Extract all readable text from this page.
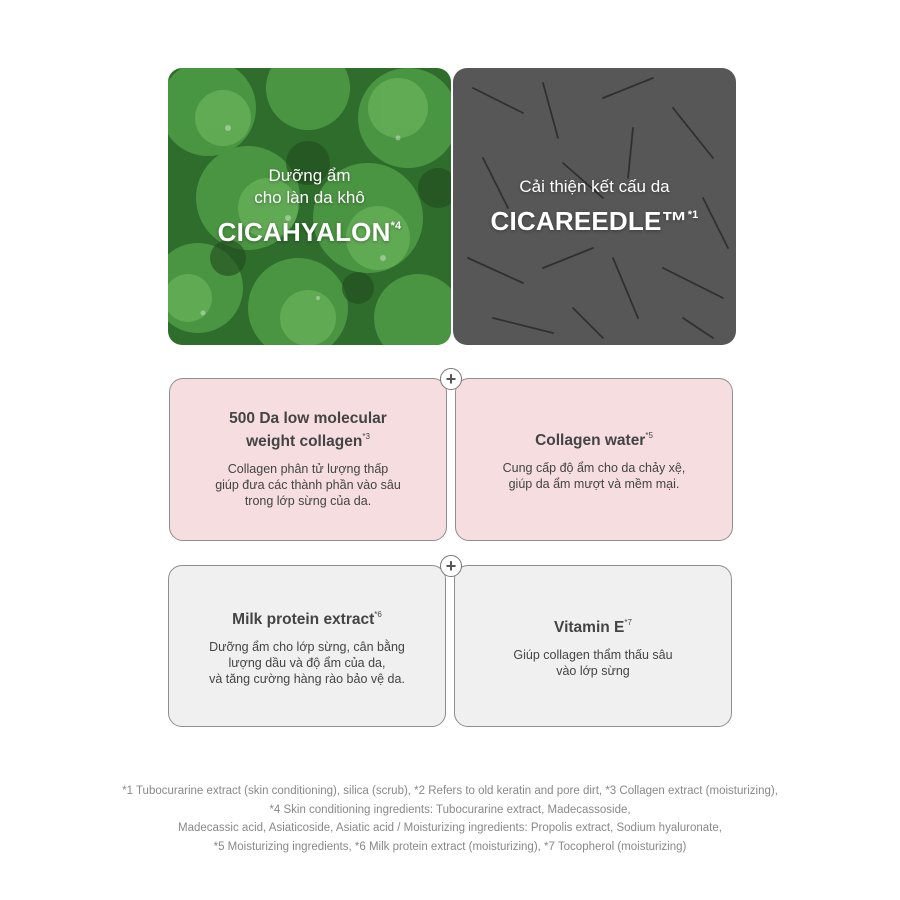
Dưỡng ẩm
cho làn da khô
CICAHYALON$^{*4}$
Cải thiện kết cấu da
CICAREEDLE™$^{*1}$
500 Da low molecular
weight collagen$^{*3}$
Collagen phân tử lượng thấp
giúp đưa các thành phần vào sâu
trong lớp sừng của da.
Collagen water$^{*5}$
Cung cấp độ ẩm cho da chảy xệ,
giúp da ẩm mượt và mềm mại.
Milk protein extract$^{*6}$
Dưỡng ẩm cho lớp sừng, cân bằng
lượng dầu và độ ẩm của da,
và tăng cường hàng rào bảo vệ da.
Vitamin $E^{*7}$
Giúp collagen thẩm thấu sâu
vào lớp sừng
+
+
*1 Tubocurarine extract (skin conditioning), silica (scrub), *2 Refers to old keratin and pore dirt, *3 Collagen extract (moisturizing),
*4 Skin conditioning ingredients: Tubocurarine extract, Madecassoside,
Madecassic acid, Asiaticoside, Asiatic acid / Moisturizing ingredients: Propolis extract, Sodium hyaluronate,
*5 Moisturizing ingredients, *6 Milk protein extract (moisturizing), *7 Tocopherol (moisturizing)
